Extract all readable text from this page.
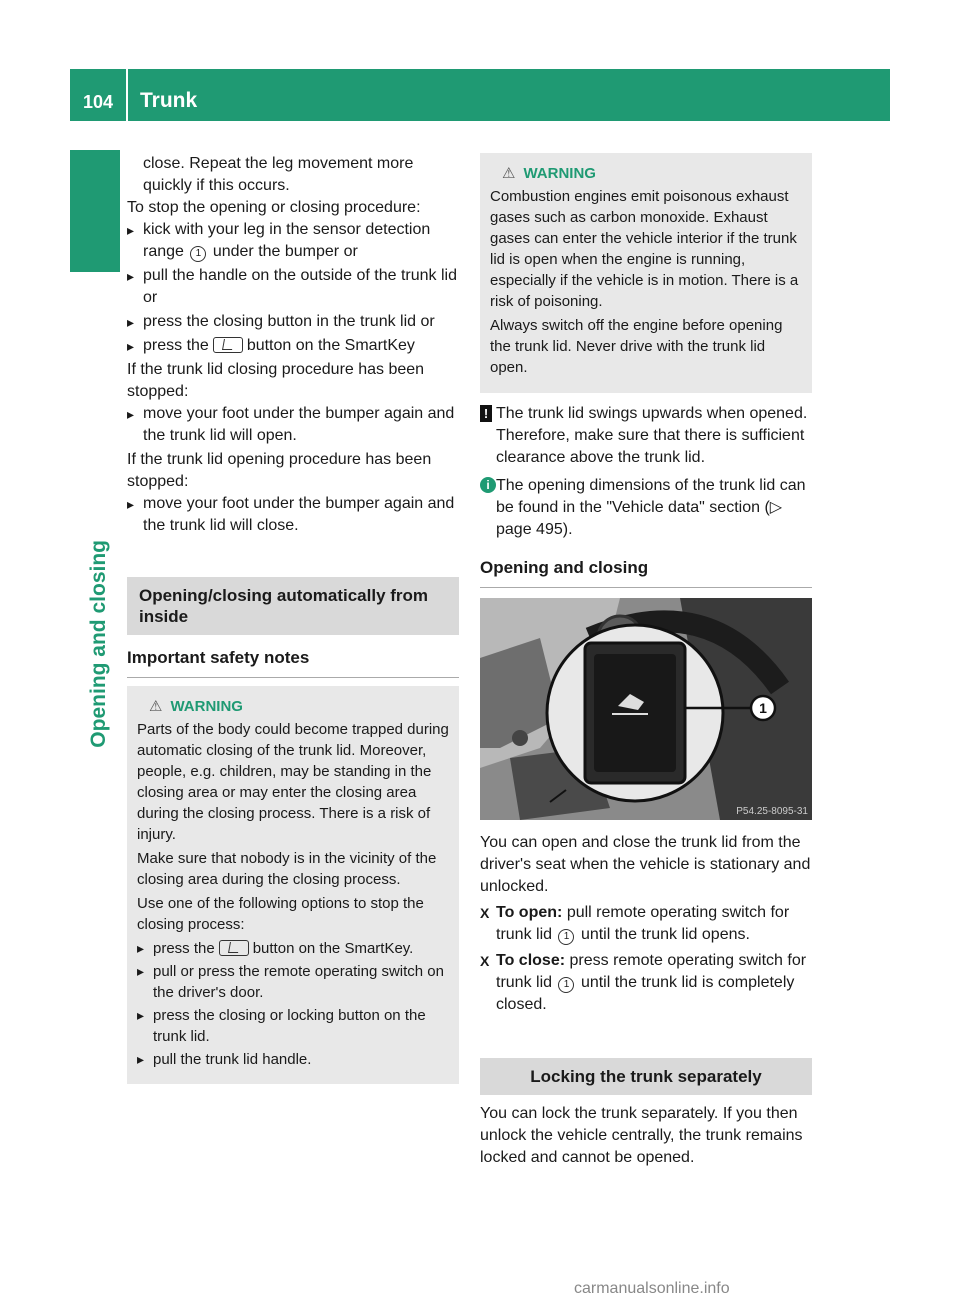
104	Trunk
Opening and closing

close. Repeat the leg movement more quickly if this occurs.

To stop the opening or closing procedure:

▸ kick with your leg in the sensor detection range 1 under the bumper or
▸ pull the handle on the outside of the trunk lid or
▸ press the closing button in the trunk lid or
▸ press the button on the SmartKey

If the trunk lid closing procedure has been stopped:

▸ move your foot under the bumper again and the trunk lid will open.

If the trunk lid opening procedure has been stopped:

▸ move your foot under the bumper again and the trunk lid will close.
Opening/closing automatically from inside
Important safety notes
⚠ WARNING

Parts of the body could become trapped during automatic closing of the trunk lid. Moreover, people, e.g. children, may be standing in the closing area or may enter the closing area during the closing process. There is a risk of injury.

Make sure that nobody is in the vicinity of the closing area during the closing process.

Use one of the following options to stop the closing process:

▸ press the	button on the SmartKey.
▸ pull or press the remote operating switch on the driver's door.
▸ press the closing or locking button on the trunk lid.
▸ pull the trunk lid handle.
⚠ WARNING

Combustion engines emit poisonous exhaust gases such as carbon monoxide. Exhaust gases can enter the vehicle interior if the trunk lid is open when the engine is running, especially if the vehicle is in motion. There is a risk of poisoning.

Always switch off the engine before opening the trunk lid. Never drive with the trunk lid open.

! The trunk lid swings upwards when opened. Therefore, make sure that there is sufficient clearance above the trunk lid.
i The opening dimensions of the trunk lid can be found in the "Vehicle data" section (▷ page 495).
Opening and closing
1
P54.25-8095-31

You can open and close the trunk lid from the driver's seat when the vehicle is stationary and unlocked.

X To open: pull remote operating switch for trunk lid 1 until the trunk lid opens.
X To close: press remote operating switch for trunk lid 1 until the trunk lid is completely closed.
Locking the trunk separately

You can lock the trunk separately. If you then unlock the vehicle centrally, the trunk remains locked and cannot be opened.

carmanualsonline.info
